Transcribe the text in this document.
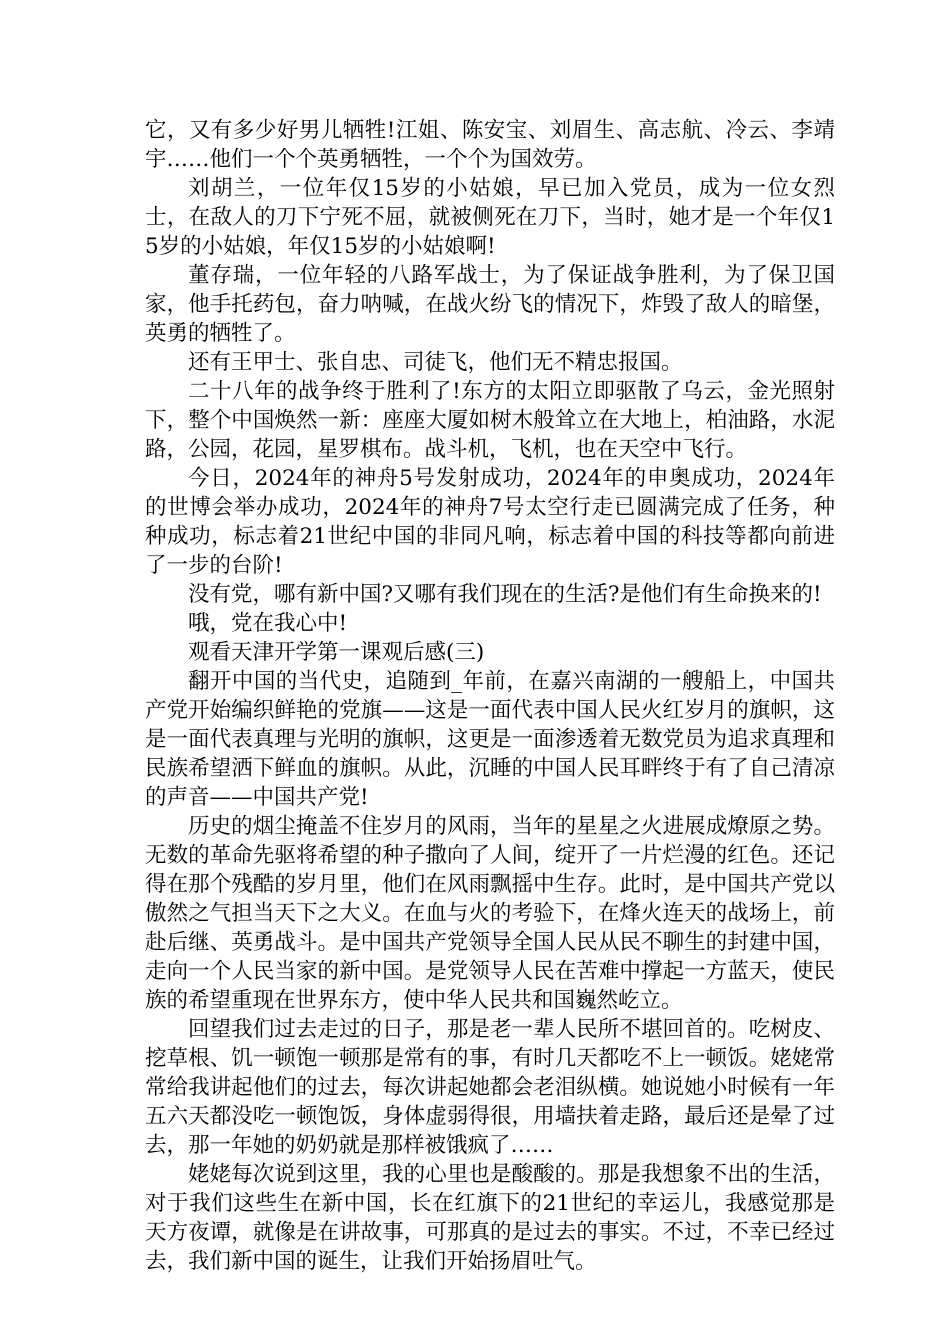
它，又有多少好男儿牺牲!江姐、陈安宝、刘眉生、高志航、冷云、李靖宇……他们一个个英勇牺牲，一个个为国效劳。

刘胡兰，一位年仅15岁的小姑娘，早已加入党员，成为一位女烈士，在敌人的刀下宁死不屈，就被侧死在刀下，当时，她才是一个年仅15岁的小姑娘，年仅15岁的小姑娘啊!

董存瑞，一位年轻的八路军战士，为了保证战争胜利，为了保卫国家，他手托药包，奋力呐喊，在战火纷飞的情况下，炸毁了敌人的暗堡，英勇的牺牲了。

还有王甲士、张自忠、司徒飞，他们无不精忠报国。

二十八年的战争终于胜利了!东方的太阳立即驱散了乌云，金光照射下，整个中国焕然一新：座座大厦如树木般耸立在大地上，柏油路，水泥路，公园，花园，星罗棋布。战斗机，飞机，也在天空中飞行。

今日，2024年的神舟5号发射成功，2024年的申奥成功，2024年的世博会举办成功，2024年的神舟7号太空行走已圆满完成了任务，种种成功，标志着21世纪中国的非同凡响，标志着中国的科技等都向前进了一步的台阶!

没有党，哪有新中国?又哪有我们现在的生活?是他们有生命换来的!

哦，党在我心中!

观看天津开学第一课观后感(三)

翻开中国的当代史，追随到_年前，在嘉兴南湖的一艘船上，中国共产党开始编织鲜艳的党旗——这是一面代表中国人民火红岁月的旗帜，这是一面代表真理与光明的旗帜，这更是一面渗透着无数党员为追求真理和民族希望洒下鲜血的旗帜。从此，沉睡的中国人民耳畔终于有了自己清凉的声音——中国共产党!

历史的烟尘掩盖不住岁月的风雨，当年的星星之火进展成燎原之势。无数的革命先驱将希望的种子撒向了人间，绽开了一片烂漫的红色。还记得在那个残酷的岁月里，他们在风雨飘摇中生存。此时，是中国共产党以傲然之气担当天下之大义。在血与火的考验下，在烽火连天的战场上，前赴后继、英勇战斗。是中国共产党领导全国人民从民不聊生的封建中国，走向一个人民当家的新中国。是党领导人民在苦难中撑起一方蓝天，使民族的希望重现在世界东方，使中华人民共和国巍然屹立。

回望我们过去走过的日子，那是老一辈人民所不堪回首的。吃树皮、挖草根、饥一顿饱一顿那是常有的事，有时几天都吃不上一顿饭。姥姥常常给我讲起他们的过去，每次讲起她都会老泪纵横。她说她小时候有一年五六天都没吃一顿饱饭，身体虚弱得很，用墙扶着走路，最后还是晕了过去，那一年她的奶奶就是那样被饿疯了……

姥姥每次说到这里，我的心里也是酸酸的。那是我想象不出的生活，对于我们这些生在新中国，长在红旗下的21世纪的幸运儿，我感觉那是天方夜谭，就像是在讲故事，可那真的是过去的事实。不过，不幸已经过去，我们新中国的诞生，让我们开始扬眉吐气。
